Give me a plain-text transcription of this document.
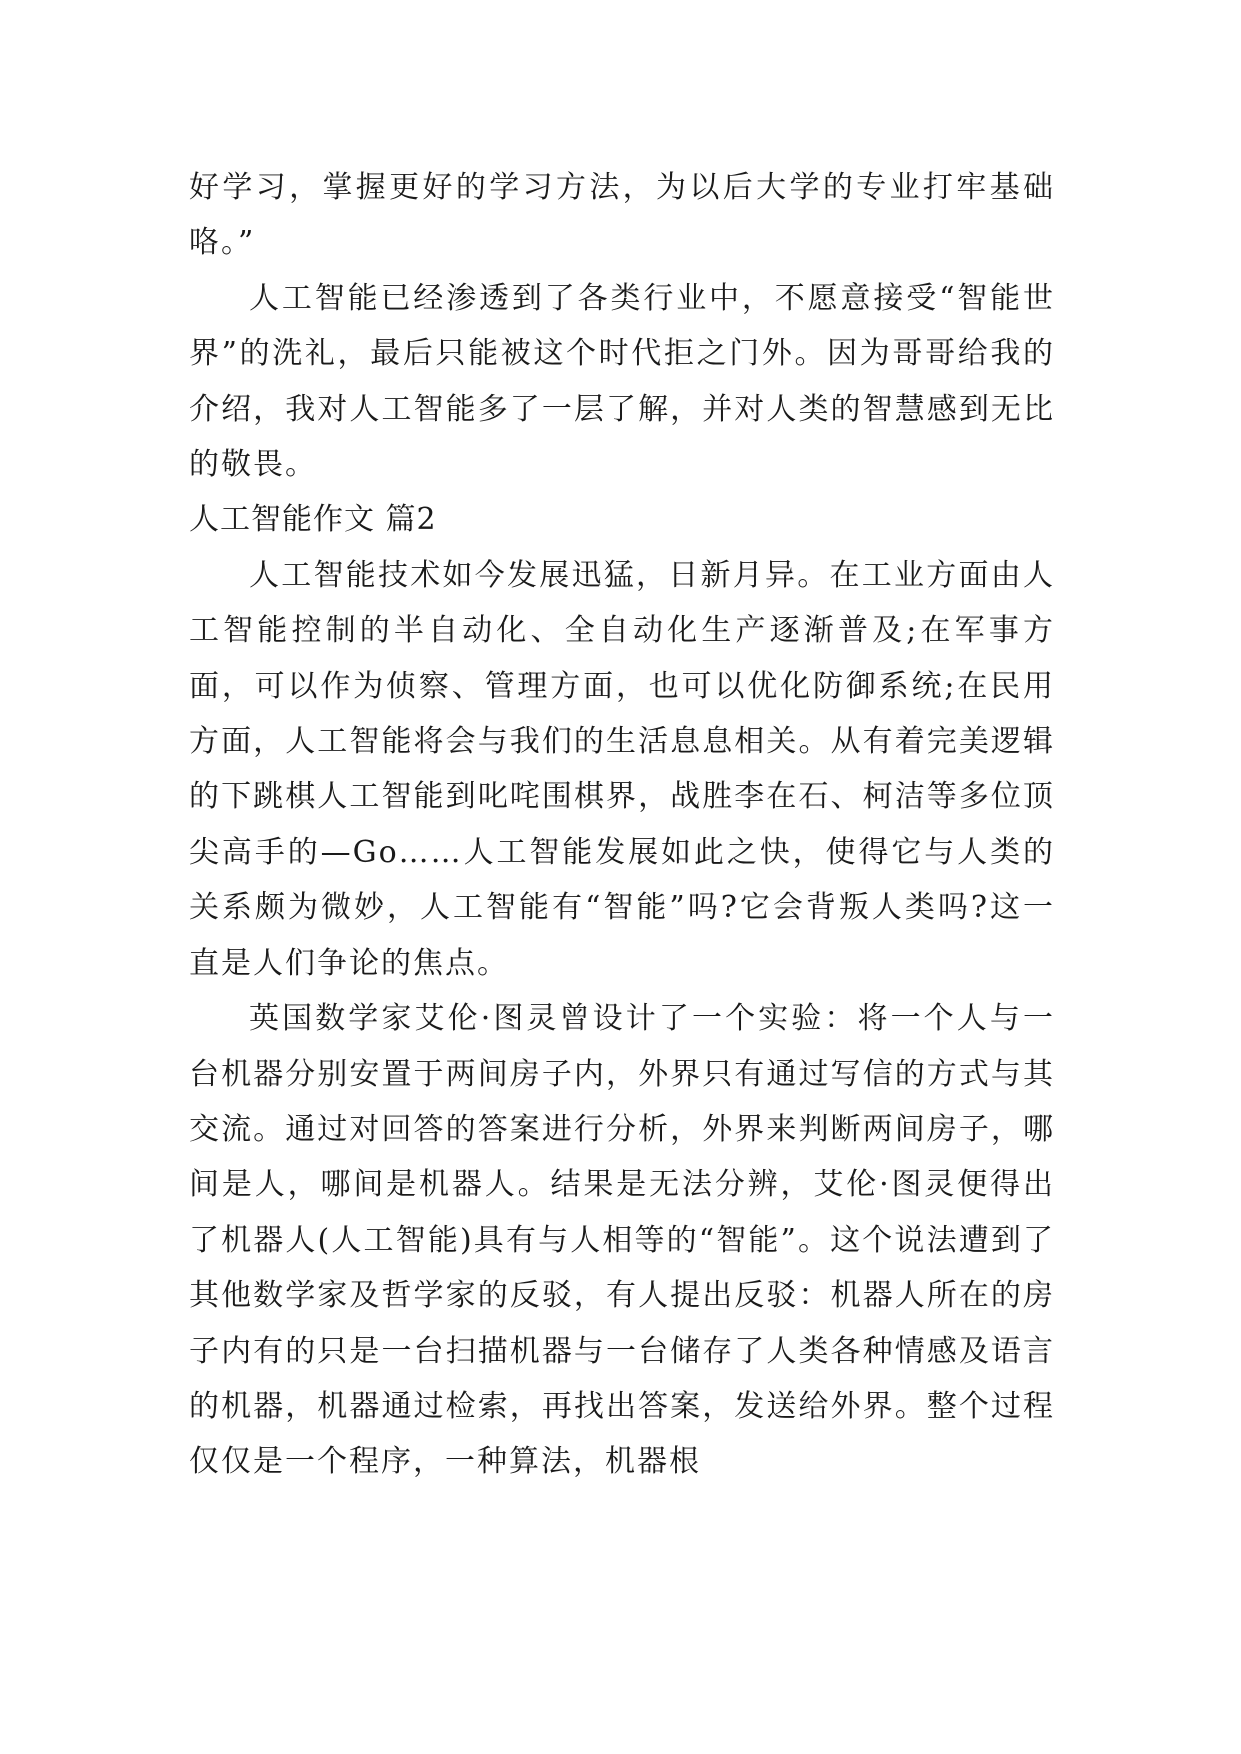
好学习，掌握更好的学习方法，为以后大学的专业打牢基础咯。”

人工智能已经渗透到了各类行业中，不愿意接受“智能世界”的洗礼，最后只能被这个时代拒之门外。因为哥哥给我的介绍，我对人工智能多了一层了解，并对人类的智慧感到无比的敬畏。

人工智能作文 篇2

人工智能技术如今发展迅猛，日新月异。在工业方面由人工智能控制的半自动化、全自动化生产逐渐普及;在军事方面，可以作为侦察、管理方面，也可以优化防御系统;在民用方面，人工智能将会与我们的生活息息相关。从有着完美逻辑的下跳棋人工智能到叱咤围棋界，战胜李在石、柯洁等多位顶尖高手的—Go……人工智能发展如此之快，使得它与人类的关系颇为微妙，人工智能有“智能”吗?它会背叛人类吗?这一直是人们争论的焦点。

英国数学家艾伦·图灵曾设计了一个实验：将一个人与一台机器分别安置于两间房子内，外界只有通过写信的方式与其交流。通过对回答的答案进行分析，外界来判断两间房子，哪间是人，哪间是机器人。结果是无法分辨，艾伦·图灵便得出了机器人(人工智能)具有与人相等的“智能”。这个说法遭到了其他数学家及哲学家的反驳，有人提出反驳：机器人所在的房子内有的只是一台扫描机器与一台储存了人类各种情感及语言的机器，机器通过检索，再找出答案，发送给外界。整个过程仅仅是一个程序，一种算法，机器根
